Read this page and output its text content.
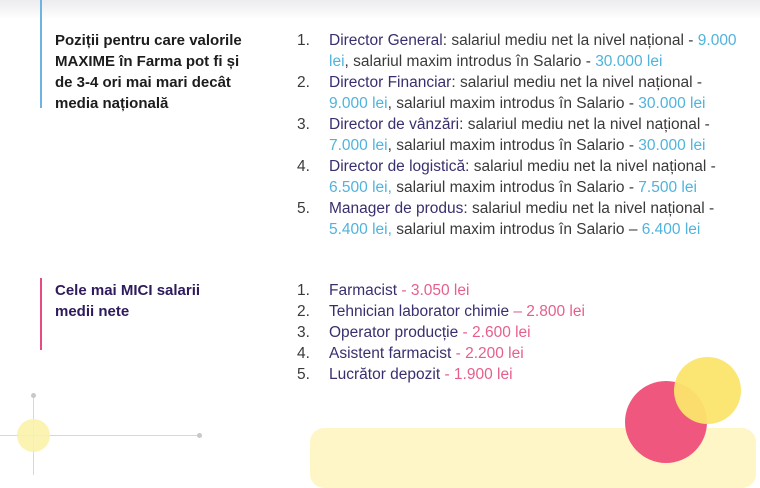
Poziții pentru care valorile MAXIME în Farma pot fi și de 3-4 ori mai mari decât media națională
1. Director General: salariul mediu net la nivel național - 9.000 lei, salariul maxim introdus în Salario - 30.000 lei
2. Director Financiar: salariul mediu net la nivel național - 9.000 lei, salariul maxim introdus în Salario - 30.000 lei
3. Director de vânzări: salariul mediu net la nivel național - 7.000 lei, salariul maxim introdus în Salario - 30.000 lei
4. Director de logistică: salariul mediu net la nivel național - 6.500 lei, salariul maxim introdus în Salario - 7.500 lei
5. Manager de produs: salariul mediu net la nivel național - 5.400 lei, salariul maxim introdus în Salario – 6.400 lei
Cele mai MICI salarii medii nete
1. Farmacist - 3.050 lei
2. Tehnician laborator chimie – 2.800 lei
3. Operator producție - 2.600 lei
4. Asistent farmacist - 2.200 lei
5. Lucrător depozit - 1.900 lei
